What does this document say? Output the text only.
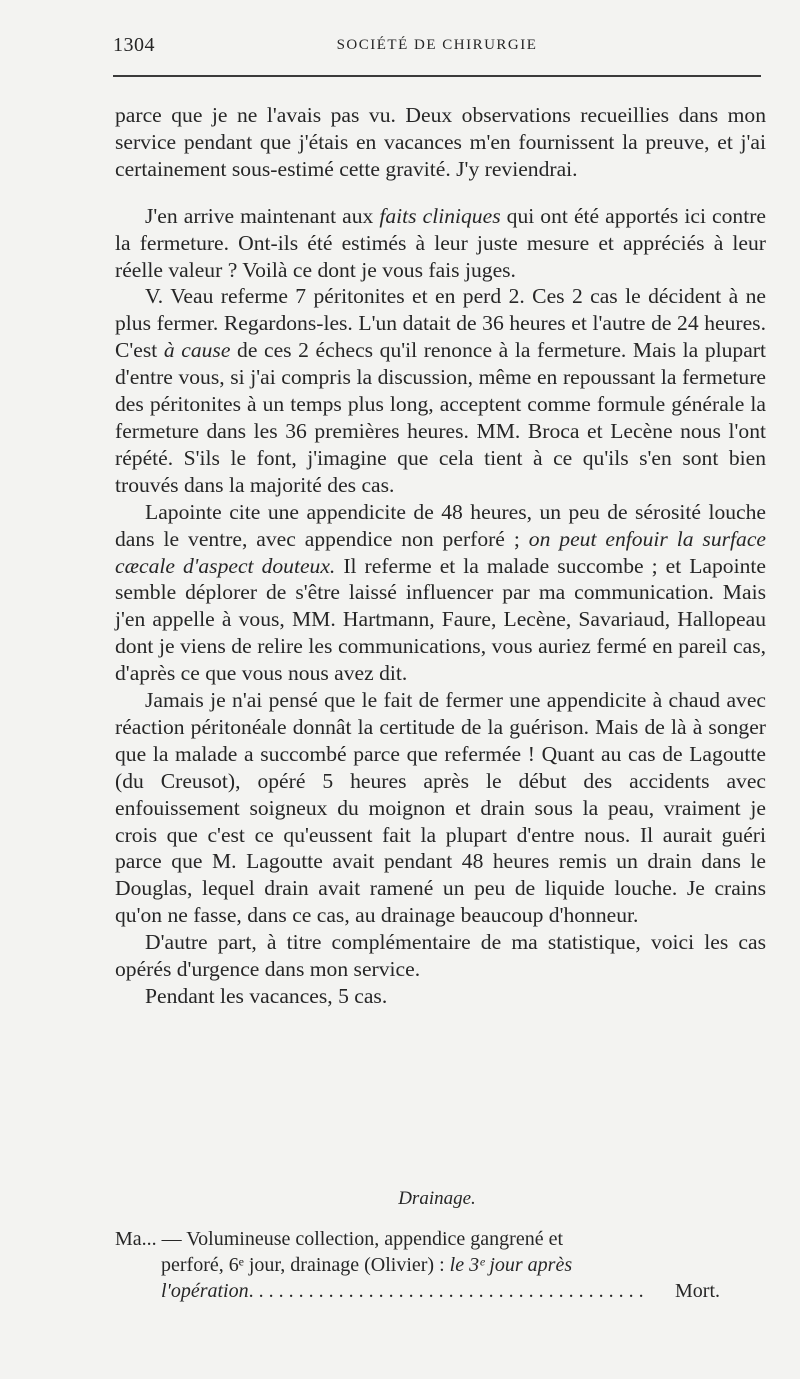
1304	SOCIÉTÉ DE CHIRURGIE

parce que je ne l'avais pas vu. Deux observations recueillies dans mon service pendant que j'étais en vacances m'en fournissent la preuve, et j'ai certainement sous-estimé cette gravité. J'y reviendrai.

J'en arrive maintenant aux faits cliniques qui ont été apportés ici contre la fermeture. Ont-ils été estimés à leur juste mesure et appréciés à leur réelle valeur ? Voilà ce dont je vous fais juges.

V. Veau referme 7 péritonites et en perd 2. Ces 2 cas le décident à ne plus fermer. Regardons-les. L'un datait de 36 heures et l'autre de 24 heures. C'est à cause de ces 2 échecs qu'il renonce à la fermeture. Mais la plupart d'entre vous, si j'ai compris la discussion, même en repoussant la fermeture des péritonites à un temps plus long, acceptent comme formule générale la fermeture dans les 36 premières heures. MM. Broca et Lecène nous l'ont répété. S'ils le font, j'imagine que cela tient à ce qu'ils s'en sont bien trouvés dans la majorité des cas.

Lapointe cite une appendicite de 48 heures, un peu de sérosité louche dans le ventre, avec appendice non perforé ; on peut enfouir la surface cæcale d'aspect douteux. Il referme et la malade succombe ; et Lapointe semble déplorer de s'être laissé influencer par ma communication. Mais j'en appelle à vous, MM. Hartmann, Faure, Lecène, Savariaud, Hallopeau dont je viens de relire les communications, vous auriez fermé en pareil cas, d'après ce que vous nous avez dit.

Jamais je n'ai pensé que le fait de fermer une appendicite à chaud avec réaction péritonéale donnât la certitude de la guérison. Mais de là à songer que la malade a succombé parce que refermée ! Quant au cas de Lagoutte (du Creusot), opéré 5 heures après le début des accidents avec enfouissement soigneux du moignon et drain sous la peau, vraiment je crois que c'est ce qu'eussent fait la plupart d'entre nous. Il aurait guéri parce que M. Lagoutte avait pendant 48 heures remis un drain dans le Douglas, lequel drain avait ramené un peu de liquide louche. Je crains qu'on ne fasse, dans ce cas, au drainage beaucoup d'honneur.

D'autre part, à titre complémentaire de ma statistique, voici les cas opérés d'urgence dans mon service.

Pendant les vacances, 5 cas.

Drainage.
Ma... — Volumineuse collection, appendice gangrené et
perforé, 6ᵉ jour, drainage (Olivier) : le 3ᵉ jour après
l'opération
. . .	Mort.
